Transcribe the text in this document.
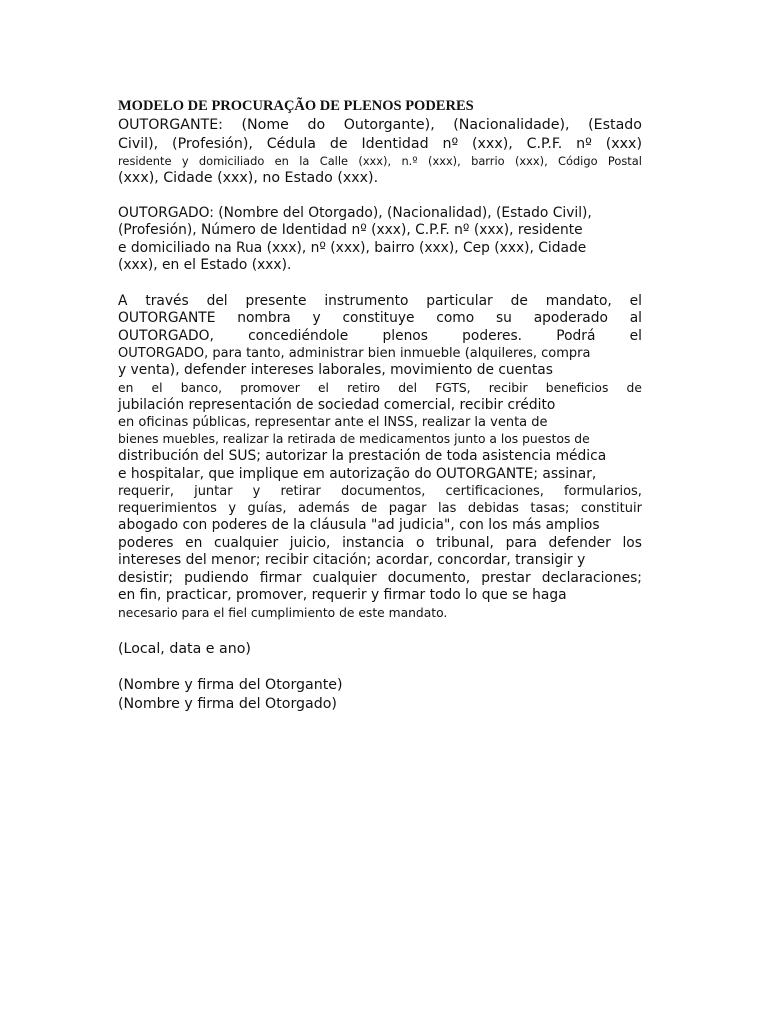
MODELO DE PROCURAÇÃO DE PLENOS PODERES
OUTORGANTE: (Nome do Outorgante), (Nacionalidade), (Estado
Civil), (Profesión), Cédula de Identidad nº (xxx), C.P.F. nº (xxx)
residente y domiciliado en la Calle (xxx), n.º (xxx), barrio (xxx), Código Postal
(xxx), Cidade (xxx), no Estado (xxx).
OUTORGADO: (Nombre del Otorgado), (Nacionalidad), (Estado Civil),
(Profesión), Número de Identidad nº (xxx), C.P.F. nº (xxx), residente
e domiciliado na Rua (xxx), nº (xxx), bairro (xxx), Cep (xxx), Cidade
(xxx), en el Estado (xxx).
A través del presente instrumento particular de mandato, el
OUTORGANTE nombra y constituye como su apoderado al
OUTORGADO, concediéndole plenos poderes. Podrá el
OUTORGADO, para tanto, administrar bien inmueble (alquileres, compra
y venta), defender intereses laborales, movimiento de cuentas
en el banco, promover el retiro del FGTS, recibir beneficios de
jubilación representación de sociedad comercial, recibir crédito
en oficinas públicas, representar ante el INSS, realizar la venta de
bienes muebles, realizar la retirada de medicamentos junto a los puestos de
distribución del SUS; autorizar la prestación de toda asistencia médica
e hospitalar, que implique em autorização do OUTORGANTE; assinar,
requerir, juntar y retirar documentos, certificaciones, formularios,
requerimientos y guías, además de pagar las debidas tasas; constituir
abogado con poderes de la cláusula "ad judicia", con los más amplios
poderes en cualquier juicio, instancia o tribunal, para defender los
intereses del menor; recibir citación; acordar, concordar, transigir y
desistir; pudiendo firmar cualquier documento, prestar declaraciones;
en fin, practicar, promover, requerir y firmar todo lo que se haga
necesario para el fiel cumplimiento de este mandato.
(Local, data e ano)
(Nombre y firma del Otorgante)
(Nombre y firma del Otorgado)
